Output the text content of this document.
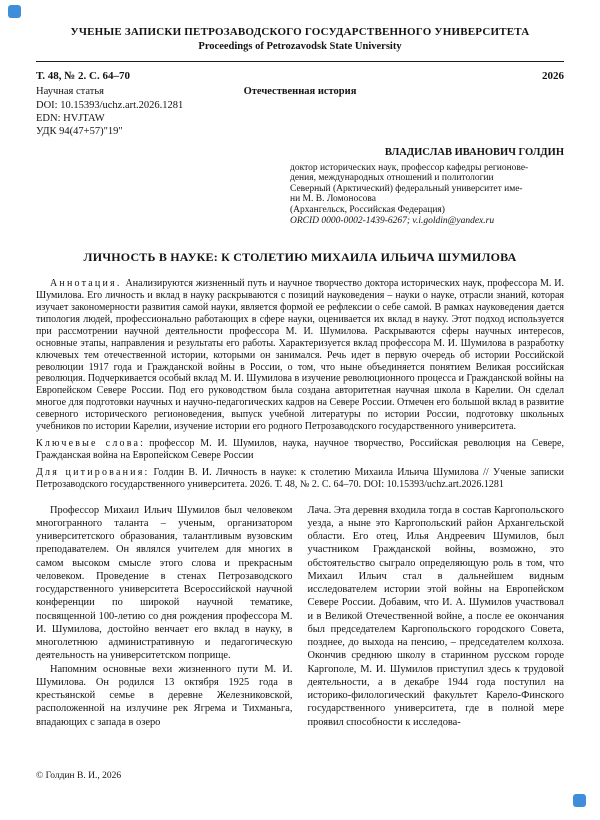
УЧЕНЫЕ ЗАПИСКИ ПЕТРОЗАВОДСКОГО ГОСУДАРСТВЕННОГО УНИВЕРСИТЕТА
Proceedings of Petrozavodsk State University
Т. 48, № 2. С. 64–70	2026
Научная статья	Отечественная история
DOI: 10.15393/uchz.art.2026.1281
EDN: HVJTAW
УДК 94(47+57)"19"
ВЛАДИСЛАВ ИВАНОВИЧ ГОЛДИН
доктор исторических наук, профессор кафедры регионове-
дения, международных отношений и политологии
Северный (Арктический) федеральный университет име-
ни М. В. Ломоносова
(Архангельск, Российская Федерация)
ORCID 0000-0002-1439-6267; v.i.goldin@yandex.ru
ЛИЧНОСТЬ В НАУКЕ: К СТОЛЕТИЮ МИХАИЛА ИЛЬИЧА ШУМИЛОВА

Аннотация. Анализируются жизненный путь и научное творчество доктора исторических наук, профессора М. И. Шумилова. Его личность и вклад в науку раскрываются с позиций науковедения – науки о науке, отрасли знаний, которая изучает закономерности развития самой науки, является формой ее рефлексии о себе самой. В рамках науковедения дается типология людей, профессионально работающих в сфере науки, оценивается их вклад в науку. Этот подход используется при рассмотрении научной деятельности профессора М. И. Шумилова. Раскрываются сферы научных интересов, основные этапы, направления и результаты его работы. Характеризуется вклад профессора М. И. Шумилова в разработку ключевых тем отечественной истории, которыми он занимался. Речь идет в первую очередь об истории Российской революции 1917 года и Гражданской войны в России, о том, что ныне объединяется понятием Великая российская революция. Подчеркивается особый вклад М. И. Шумилова в изучение революционного процесса и Гражданской войны на Европейском Севере России. Под его руководством была создана авторитетная научная школа в Карелии. Он сделал многое для подготовки научных и научно-педагогических кадров на Севере России. Отмечен его большой вклад в развитие северного исторического регионоведения, выпуск учебной литературы по истории России, подготовку школьных учебников по истории Карелии, изучение истории его родного Петрозаводского государственного университета.

Ключевые слова: профессор М. И. Шумилов, наука, научное творчество, Российская революция на Севере, Гражданская война на Европейском Севере России

Для цитирования: Голдин В. И. Личность в науке: к столетию Михаила Ильича Шумилова // Ученые записки Петрозаводского государственного университета. 2026. Т. 48, № 2. С. 64–70. DOI: 10.15393/uchz.art.2026.1281

Профессор Михаил Ильич Шумилов был человеком многогранного таланта – ученым, организатором университетского образования, талантливым вузовским преподавателем. Он являлся учителем для многих в самом высоком смысле этого слова и прекрасным человеком. Проведение в стенах Петрозаводского государственного университета Всероссийской научной конференции по широкой научной тематике, посвященной 100-летию со дня рождения профессора М. И. Шумилова, достойно венчает его вклад в науку, в многолетнюю административную и педагогическую деятельность на университетском поприще.

Напомним основные вехи жизненного пути М. И. Шумилова. Он родился 13 октября 1925 года в крестьянской семье в деревне Железниковской, расположенной на излучине рек Ягрема и Тихманьга, впадающих с запада в озеро

Лача. Эта деревня входила тогда в состав Каргопольского уезда, а ныне это Каргопольский район Архангельской области. Его отец, Илья Андреевич Шумилов, был участником Гражданской войны, возможно, это обстоятельство сыграло определяющую роль в том, что Михаил Ильич стал в дальнейшем видным исследователем истории этой войны на Европейском Севере России. Добавим, что И. А. Шумилов участвовал и в Великой Отечественной войне, а после ее окончания был председателем Каргопольского городского Совета, позднее, до выхода на пенсию, – председателем колхоза. Окончив среднюю школу в старинном русском городе Каргополе, М. И. Шумилов приступил здесь к трудовой деятельности, а в декабре 1944 года поступил на историко-филологический факультет Карело-Финского государственного университета, где в полной мере проявил способности к исследова-

© Голдин В. И., 2026
